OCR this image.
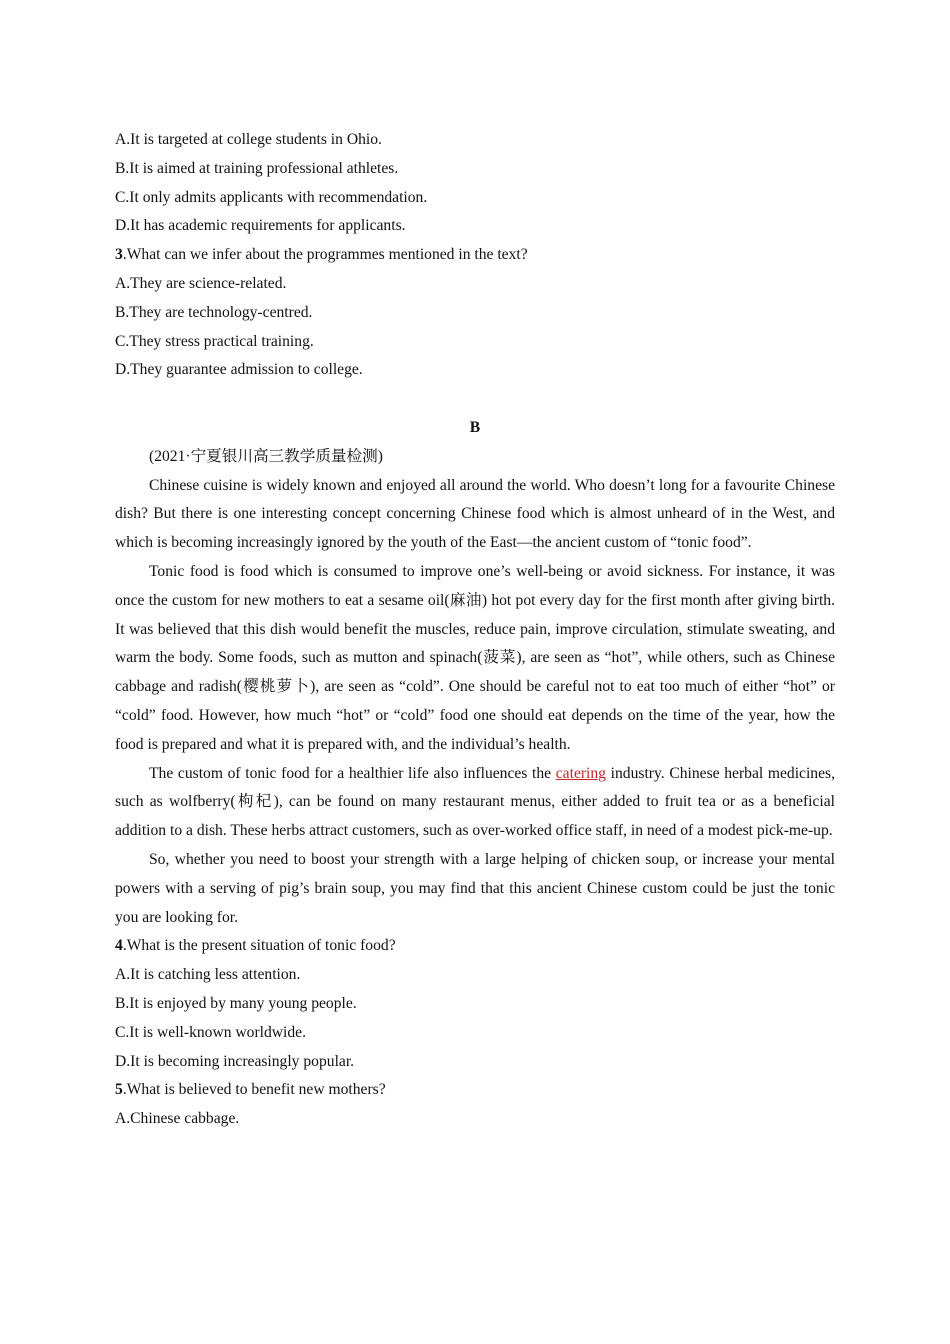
A.It is targeted at college students in Ohio.
B.It is aimed at training professional athletes.
C.It only admits applicants with recommendation.
D.It has academic requirements for applicants.
3.What can we infer about the programmes mentioned in the text?
A.They are science-related.
B.They are technology-centred.
C.They stress practical training.
D.They guarantee admission to college.
B
(2021·宁夏银川高三教学质量检测)
Chinese cuisine is widely known and enjoyed all around the world. Who doesn’t long for a favourite Chinese dish? But there is one interesting concept concerning Chinese food which is almost unheard of in the West, and which is becoming increasingly ignored by the youth of the East—the ancient custom of “tonic food”.
Tonic food is food which is consumed to improve one’s well-being or avoid sickness. For instance, it was once the custom for new mothers to eat a sesame oil(麻油) hot pot every day for the first month after giving birth. It was believed that this dish would benefit the muscles, reduce pain, improve circulation, stimulate sweating, and warm the body. Some foods, such as mutton and spinach(菠菜), are seen as “hot”, while others, such as Chinese cabbage and radish(樱桃萝卜), are seen as “cold”. One should be careful not to eat too much of either “hot” or “cold” food. However, how much “hot” or “cold” food one should eat depends on the time of the year, how the food is prepared and what it is prepared with, and the individual’s health.
The custom of tonic food for a healthier life also influences the catering industry. Chinese herbal medicines, such as wolfberry(枸杞), can be found on many restaurant menus, either added to fruit tea or as a beneficial addition to a dish. These herbs attract customers, such as over-worked office staff, in need of a modest pick-me-up.
So, whether you need to boost your strength with a large helping of chicken soup, or increase your mental powers with a serving of pig’s brain soup, you may find that this ancient Chinese custom could be just the tonic you are looking for.
4.What is the present situation of tonic food?
A.It is catching less attention.
B.It is enjoyed by many young people.
C.It is well-known worldwide.
D.It is becoming increasingly popular.
5.What is believed to benefit new mothers?
A.Chinese cabbage.
